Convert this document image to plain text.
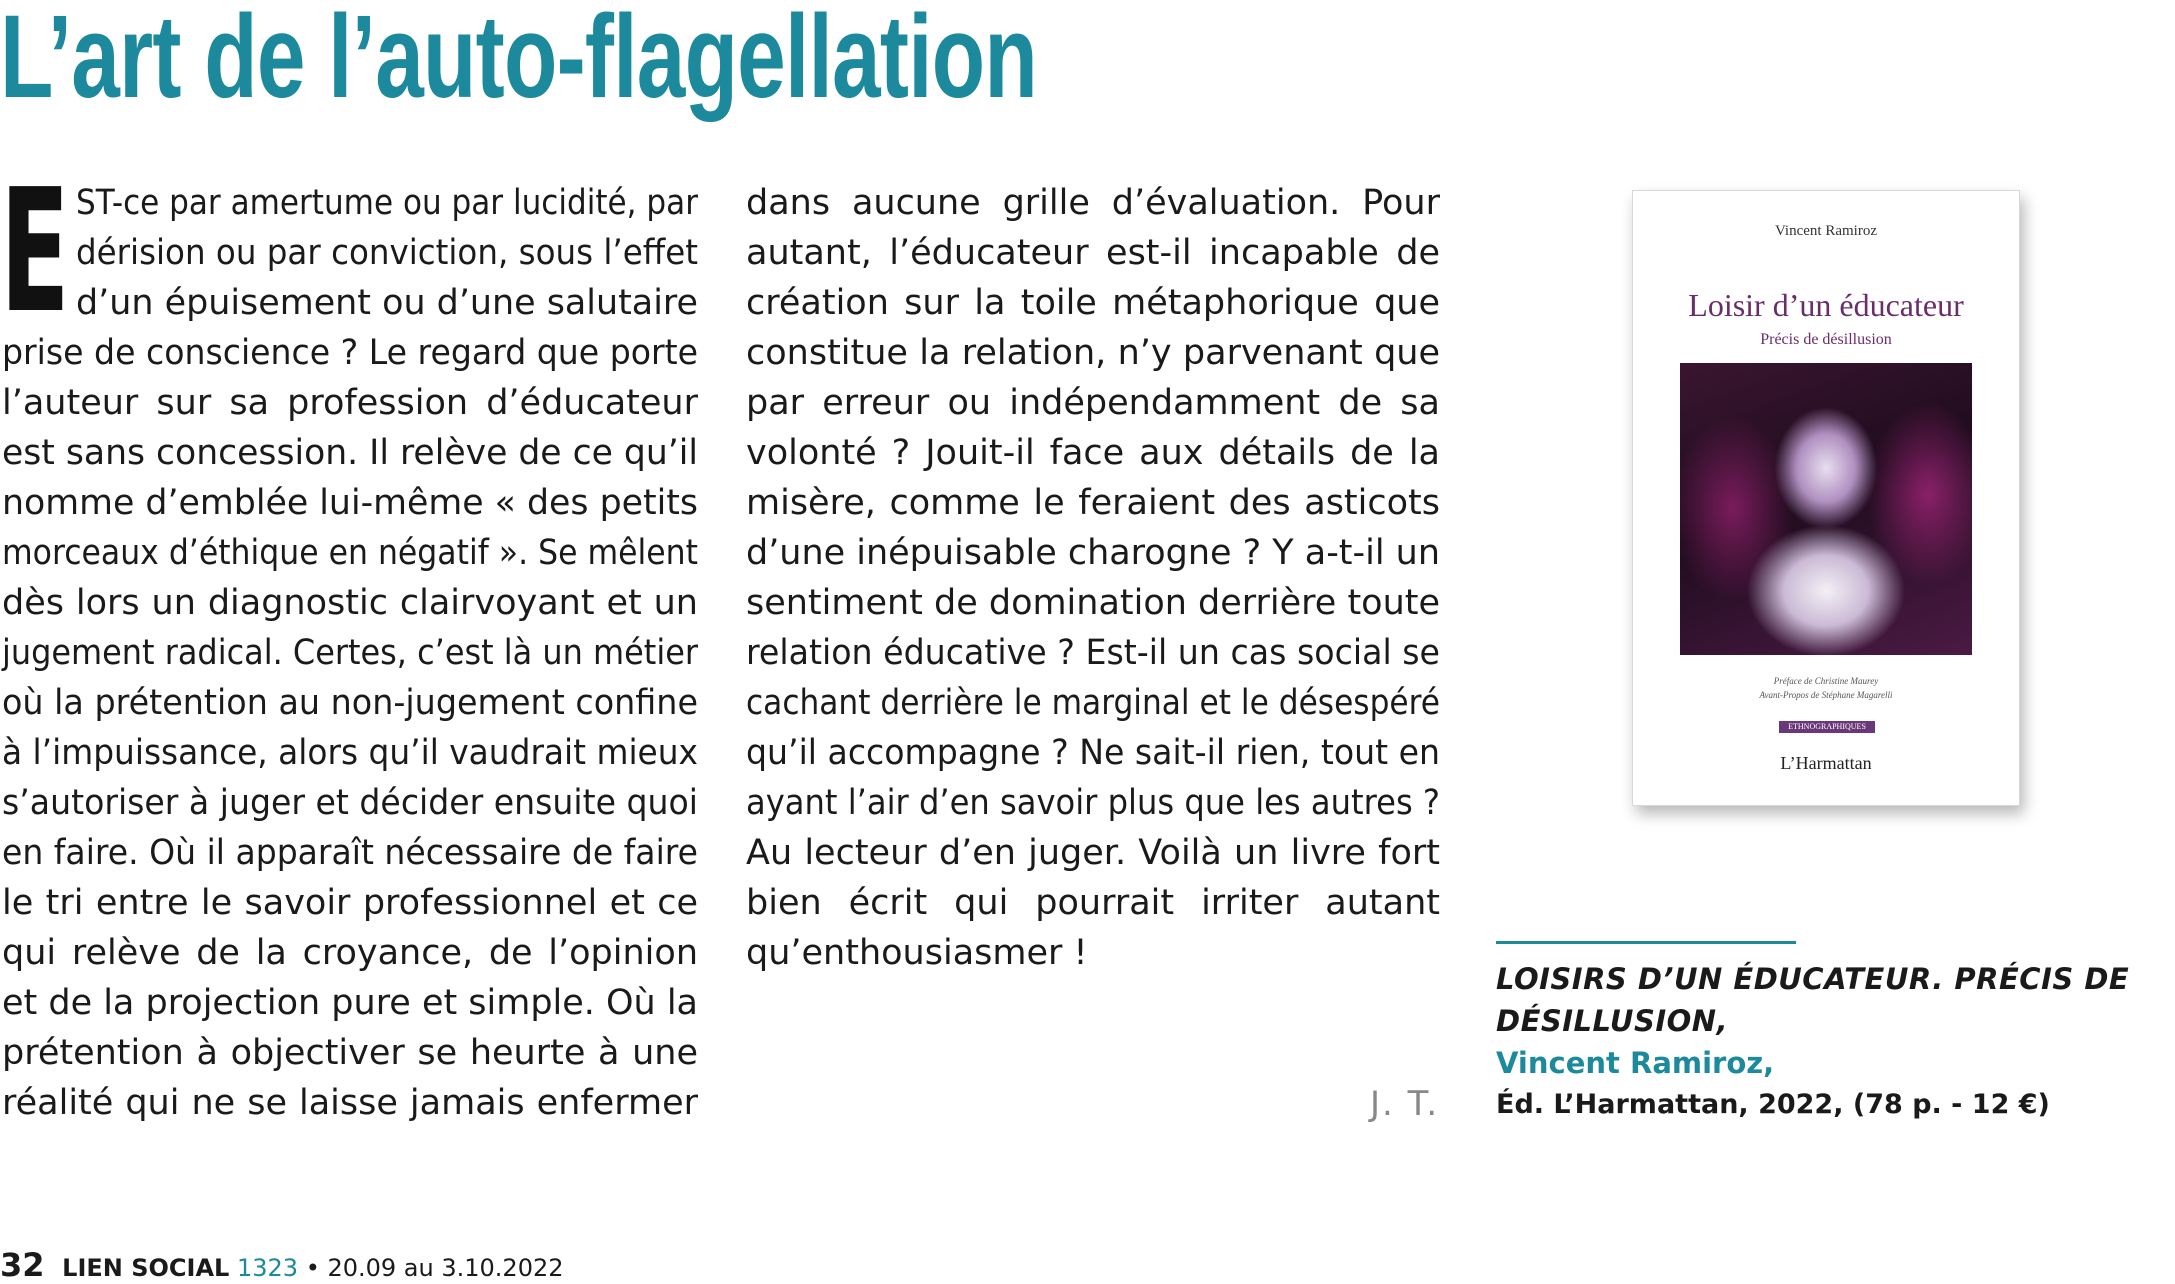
L’art de l’auto-flagellation
E ST-ce par amertume ou par lucidité, par
dérision ou par conviction, sous l’effet
d’un épuisement ou d’une salutaire
prise de conscience ? Le regard que porte
l’auteur sur sa profession d’éducateur
est sans concession. Il relève de ce qu’il
nomme d’emblée lui-même « des petits
morceaux d’éthique en négatif ». Se mêlent
dès lors un diagnostic clairvoyant et un
jugement radical. Certes, c’est là un métier
où la prétention au non-jugement confine
à l’impuissance, alors qu’il vaudrait mieux
s’autoriser à juger et décider ensuite quoi
en faire. Où il apparaît nécessaire de faire
le tri entre le savoir professionnel et ce
qui relève de la croyance, de l’opinion
et de la projection pure et simple. Où la
prétention à objectiver se heurte à une
réalité qui ne se laisse jamais enfermer
dans aucune grille d’évaluation. Pour
autant, l’éducateur est-il incapable de
création sur la toile métaphorique que
constitue la relation, n’y parvenant que
par erreur ou indépendamment de sa
volonté ? Jouit-il face aux détails de la
misère, comme le feraient des asticots
d’une inépuisable charogne ? Y a-t-il un
sentiment de domination derrière toute
relation éducative ? Est-il un cas social se
cachant derrière le marginal et le désespéré
qu’il accompagne ? Ne sait-il rien, tout en
ayant l’air d’en savoir plus que les autres ?
Au lecteur d’en juger. Voilà un livre fort
bien écrit qui pourrait irriter autant
qu’enthousiasmer !
J. T.
Vincent Ramiroz
Loisir d’un éducateur
Précis de désillusion
Préface de Christine Maurey
Avant-Propos de Stéphane Magarelli
ETHNOGRAPHIQUES
L’Harmattan
LOISIRS D’UN ÉDUCATEUR. PRÉCIS DE DÉSILLUSION,
Vincent Ramiroz,
Éd. L’Harmattan, 2022, (78 p. - 12 €)
32 LIEN SOCIAL 1323 • 20.09 au 3.10.2022
